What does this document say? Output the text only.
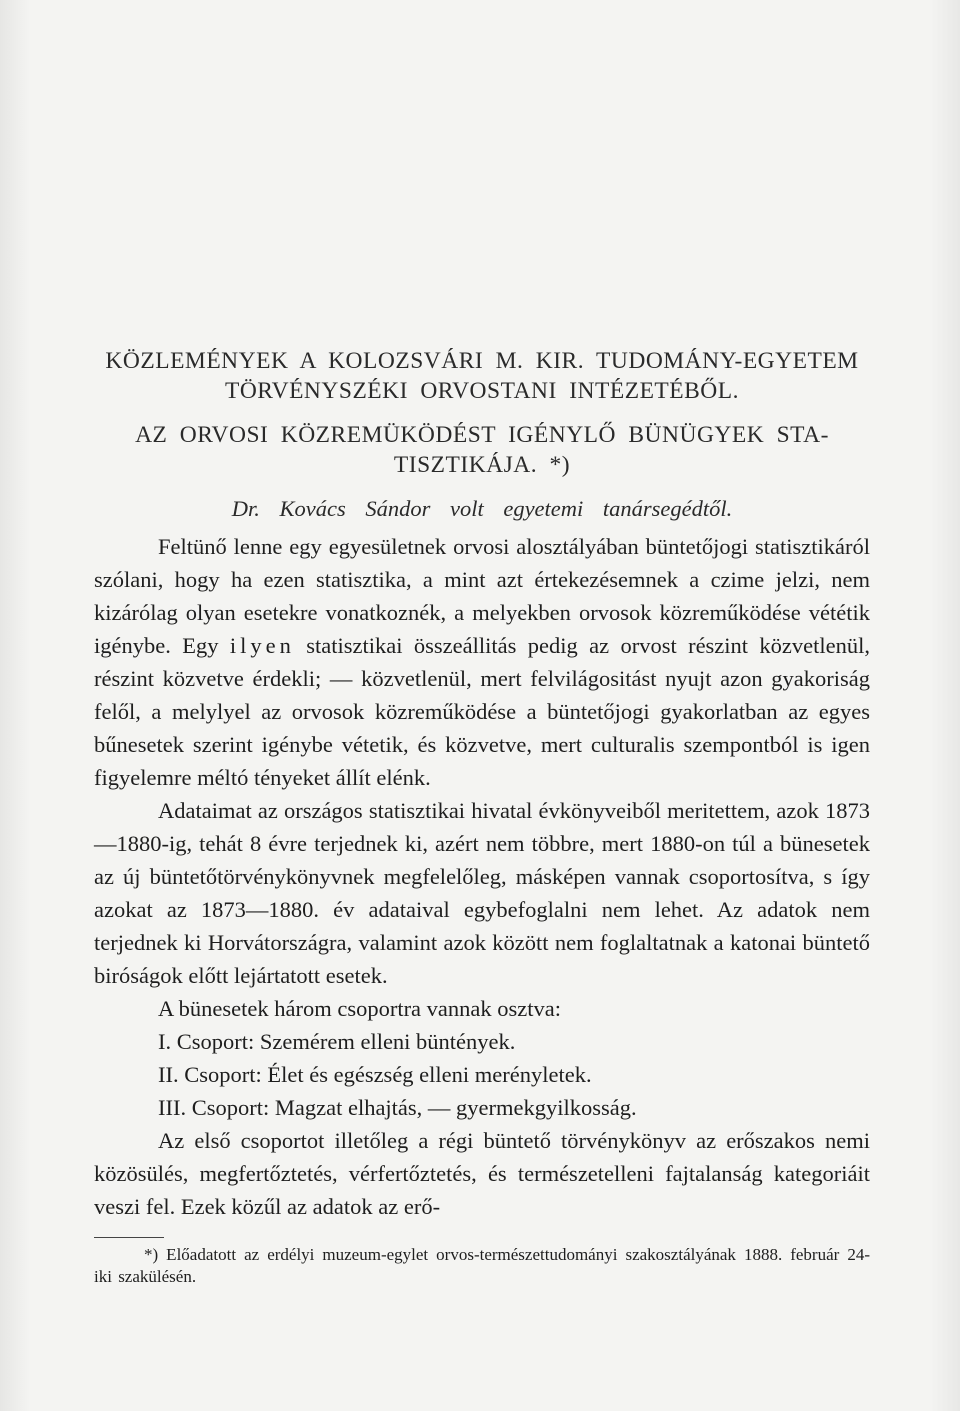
KÖZLEMÉNYEK A KOLOZSVÁRI M. KIR. TUDOMÁNY-EGYETEM

TÖRVÉNYSZÉKI ORVOSTANI INTÉZETÉBŐL.

AZ ORVOSI KÖZREMÜKÖDÉST IGÉNYLŐ BÜNÜGYEK STA-

TISZTIKÁJA. *)

Dr. Kovács Sándor volt egyetemi tanársegédtől.

Feltünő lenne egy egyesületnek orvosi alosztályában büntetőjogi statisztikáról szólani, hogy ha ezen statisztika, a mint azt értekezésemnek a czime jelzi, nem kizárólag olyan esetekre vonatkoznék, a melyekben orvosok közreműködése vététik igénybe. Egy ilyen statisztikai összeállitás pedig az orvost részint közvetlenül, részint közvetve érdekli; — közvetlenül, mert felvilágositást nyujt azon gyakoriság felől, a melylyel az orvosok közreműködése a büntetőjogi gyakorlatban az egyes bűnesetek szerint igénybe vétetik, és közvetve, mert culturalis szempontból is igen figyelemre méltó tényeket állít elénk.

Adataimat az országos statisztikai hivatal évkönyveiből meritettem, azok 1873—1880-ig, tehát 8 évre terjednek ki, azért nem többre, mert 1880-on túl a bünesetek az új büntetőtörvénykönyvnek megfelelőleg, másképen vannak csoportosítva, s így azokat az 1873—1880. év adataival egybefoglalni nem lehet. Az adatok nem terjednek ki Horvátországra, valamint azok között nem foglaltatnak a katonai büntető biróságok előtt lejártatott esetek.

A bünesetek három csoportra vannak osztva:

I. Csoport: Szemérem elleni büntények.

II. Csoport: Élet és egészség elleni merényletek.

III. Csoport: Magzat elhajtás, — gyermekgyilkosság.

Az első csoportot illetőleg a régi büntető törvénykönyv az erőszakos nemi közösülés, megfertőztetés, vérfertőztetés, és természetelleni fajtalanság kategoriáit veszi fel. Ezek közűl az adatok az erő-

*) Előadatott az erdélyi muzeum-egylet orvos-természettudományi szakosztályának 1888. február 24-iki szakülésén.
